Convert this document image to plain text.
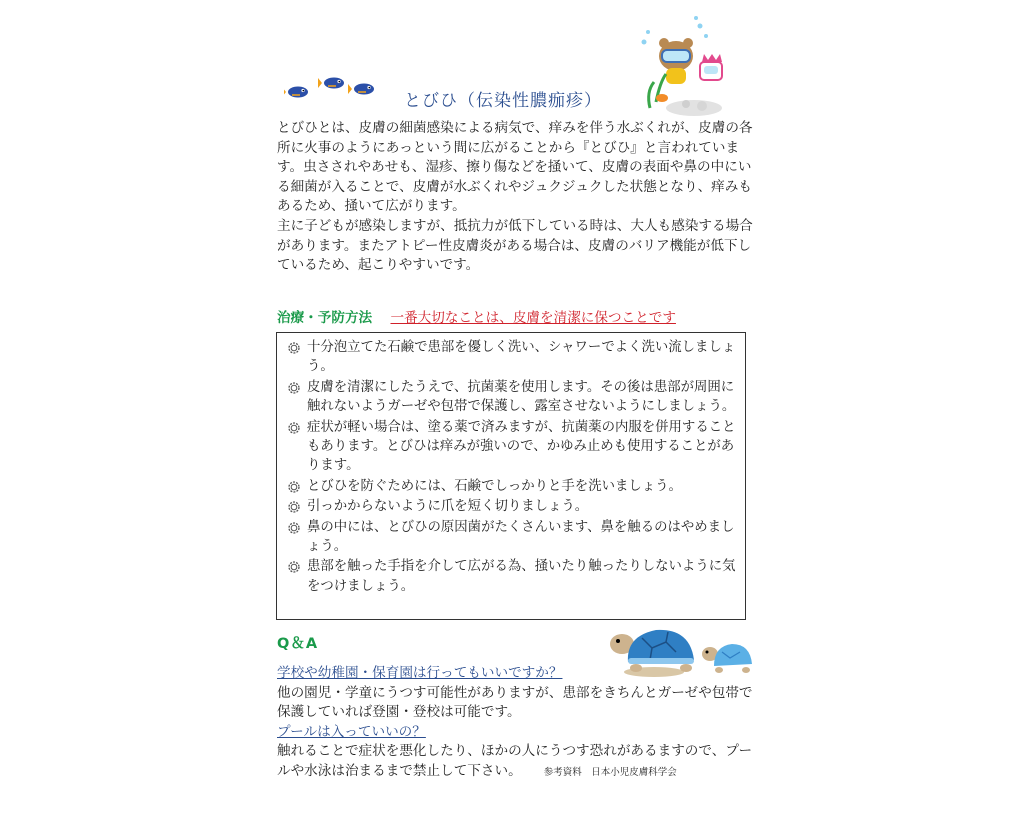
とびひ（伝染性膿痂疹）

とびひとは、皮膚の細菌感染による病気で、痒みを伴う水ぶくれが、皮膚の各所に火事のようにあっという間に広がることから『とびひ』と言われています。虫さされやあせも、湿疹、擦り傷などを掻いて、皮膚の表面や鼻の中にいる細菌が入ることで、皮膚が水ぶくれやジュクジュクした状態となり、痒みもあるため、掻いて広がります。

主に子どもが感染しますが、抵抗力が低下している時は、大人も感染する場合があります。またアトピー性皮膚炎がある場合は、皮膚のバリア機能が低下しているため、起こりやすいです。

治療・予防方法 一番大切なことは、皮膚を清潔に保つことです
十分泡立てた石鹸で患部を優しく洗い、シャワーでよく洗い流しましょう。
皮膚を清潔にしたうえで、抗菌薬を使用します。その後は患部が周囲に触れないようガーゼや包帯で保護し、露室させないようにしましょう。
症状が軽い場合は、塗る薬で済みますが、抗菌薬の内服を併用することもあります。とびひは痒みが強いので、かゆみ止めも使用することがあります。
とびひを防ぐためには、石鹸でしっかりと手を洗いましょう。
引っかからないように爪を短く切りましょう。
鼻の中には、とびひの原因菌がたくさんいます、鼻を触るのはやめましょう。
患部を触った手指を介して広がる為、掻いたり触ったりしないように気をつけましょう。
Q＆A

学校や幼稚園・保育園は行ってもいいですか？

他の園児・学童にうつす可能性がありますが、患部をきちんとガーゼや包帯で保護していれば登園・登校は可能です。

プールは入っていいの？

触れることで症状を悪化したり、ほかの人にうつす恐れがあるますので、プールや水泳は治まるまで禁止して下さい。 参考資料　日本小児皮膚科学会
